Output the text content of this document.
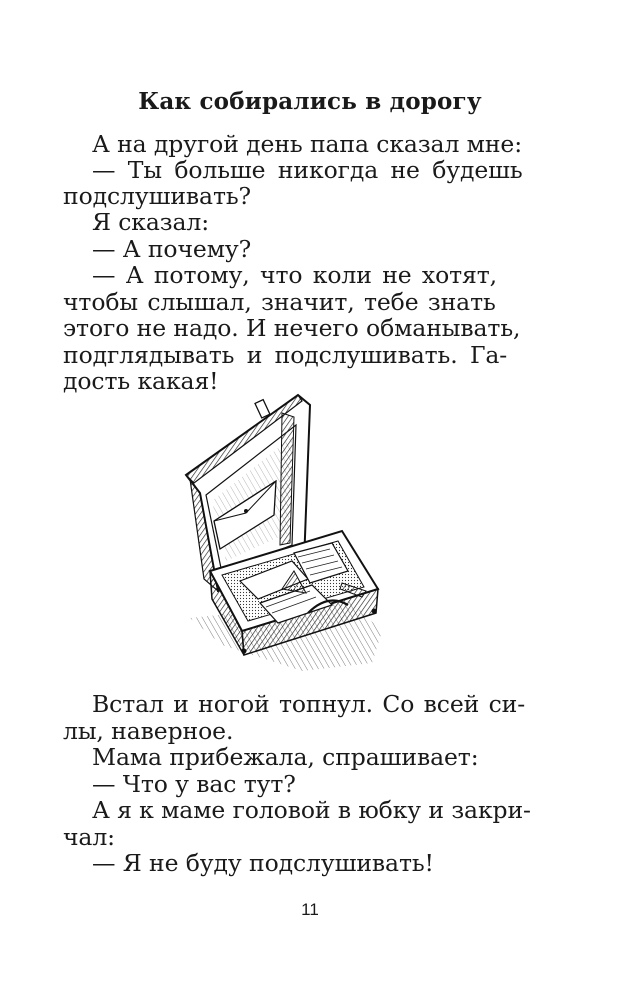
Как собирались в дорогу
А на другой день папа сказал мне:
— Ты больше никогда не будешь
подслушивать?
Я сказал:
— А почему?
— А потому, что коли не хотят,
чтобы слышал, значит, тебе знать
этого не надо. И нечего обманывать,
подглядывать и подслушивать. Га-
дость какая!
Встал и ногой топнул. Со всей си-
лы, наверное.
Мама прибежала, спрашивает:
— Что у вас тут?
А я к маме головой в юбку и закри-
чал:
— Я не буду подслушивать!
11
